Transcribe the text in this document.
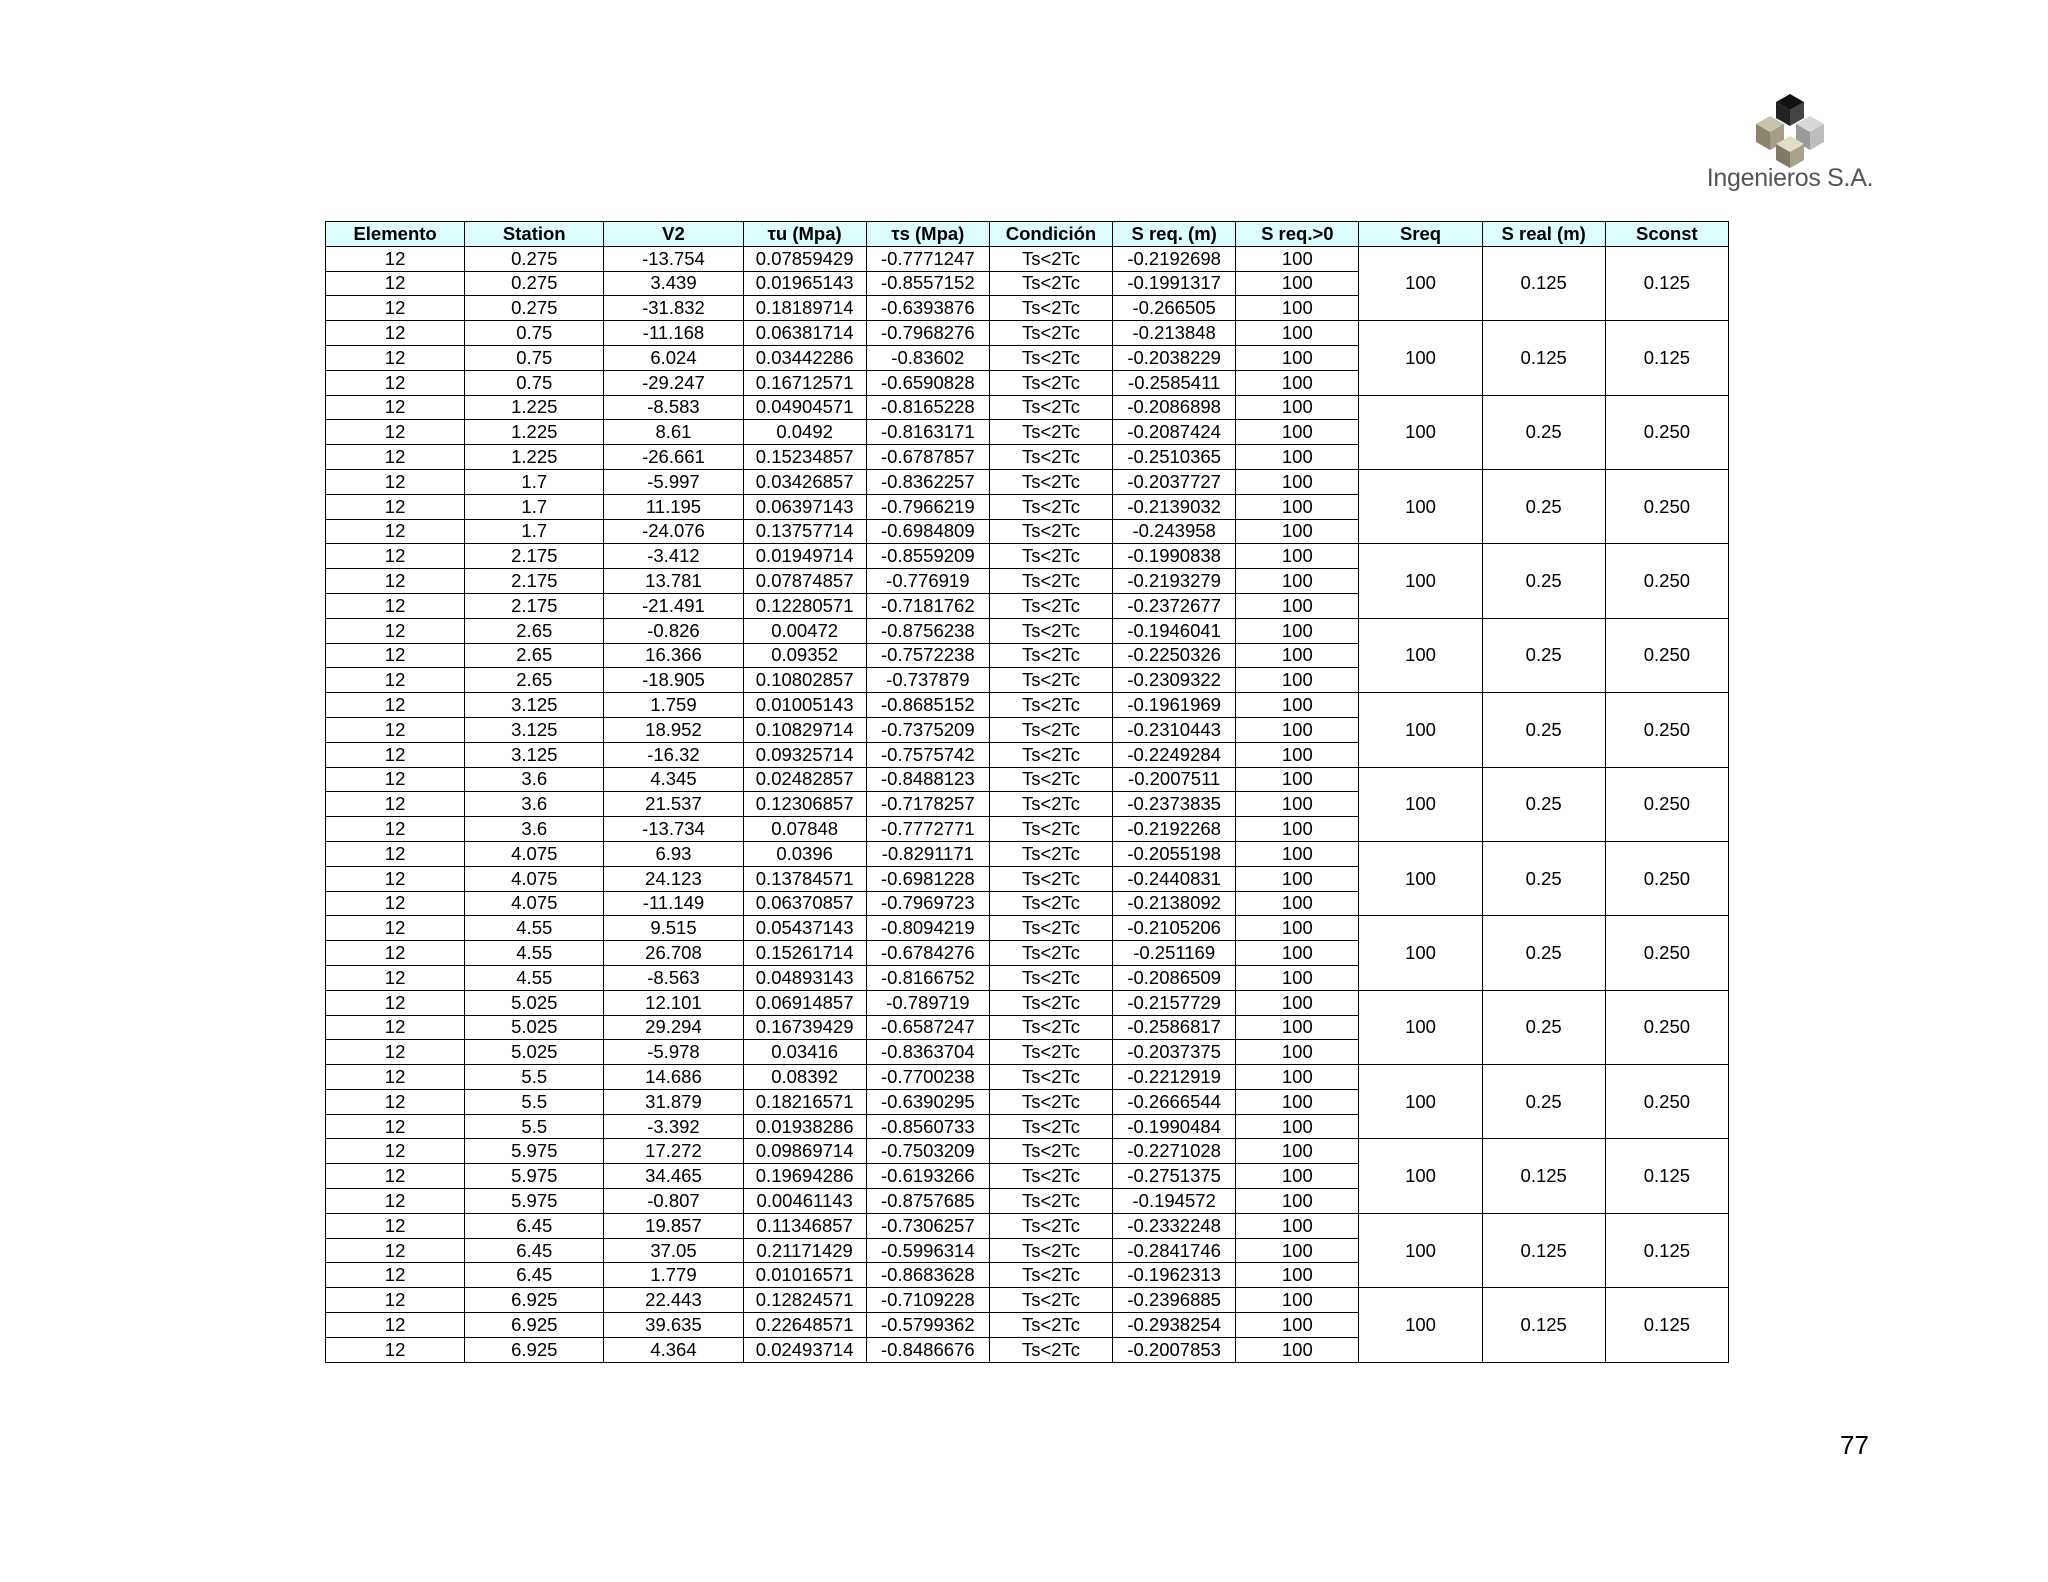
Ingenieros S.A.
Elemento	Station	V2	τu (Mpa)	τs (Mpa)	Condición	S req. (m)	S req.>0	Sreq	S real (m)	Sconst
12	0.275	-13.754	0.07859429	-0.7771247	Ts<2Tc	-0.2192698	100	100	0.125	0.125
12	0.275	3.439	0.01965143	-0.8557152	Ts<2Tc	-0.1991317	100			
12	0.275	-31.832	0.18189714	-0.6393876	Ts<2Tc	-0.266505	100			
12	0.75	-11.168	0.06381714	-0.7968276	Ts<2Tc	-0.213848	100	100	0.125	0.125
12	0.75	6.024	0.03442286	-0.83602	Ts<2Tc	-0.2038229	100			
12	0.75	-29.247	0.16712571	-0.6590828	Ts<2Tc	-0.2585411	100			
12	1.225	-8.583	0.04904571	-0.8165228	Ts<2Tc	-0.2086898	100	100	0.25	0.250
12	1.225	8.61	0.0492	-0.8163171	Ts<2Tc	-0.2087424	100			
12	1.225	-26.661	0.15234857	-0.6787857	Ts<2Tc	-0.2510365	100			
12	1.7	-5.997	0.03426857	-0.8362257	Ts<2Tc	-0.2037727	100	100	0.25	0.250
12	1.7	11.195	0.06397143	-0.7966219	Ts<2Tc	-0.2139032	100			
12	1.7	-24.076	0.13757714	-0.6984809	Ts<2Tc	-0.243958	100			
12	2.175	-3.412	0.01949714	-0.8559209	Ts<2Tc	-0.1990838	100	100	0.25	0.250
12	2.175	13.781	0.07874857	-0.776919	Ts<2Tc	-0.2193279	100			
12	2.175	-21.491	0.12280571	-0.7181762	Ts<2Tc	-0.2372677	100			
12	2.65	-0.826	0.00472	-0.8756238	Ts<2Tc	-0.1946041	100	100	0.25	0.250
12	2.65	16.366	0.09352	-0.7572238	Ts<2Tc	-0.2250326	100			
12	2.65	-18.905	0.10802857	-0.737879	Ts<2Tc	-0.2309322	100			
12	3.125	1.759	0.01005143	-0.8685152	Ts<2Tc	-0.1961969	100	100	0.25	0.250
12	3.125	18.952	0.10829714	-0.7375209	Ts<2Tc	-0.2310443	100			
12	3.125	-16.32	0.09325714	-0.7575742	Ts<2Tc	-0.2249284	100			
12	3.6	4.345	0.02482857	-0.8488123	Ts<2Tc	-0.2007511	100	100	0.25	0.250
12	3.6	21.537	0.12306857	-0.7178257	Ts<2Tc	-0.2373835	100			
12	3.6	-13.734	0.07848	-0.7772771	Ts<2Tc	-0.2192268	100			
12	4.075	6.93	0.0396	-0.8291171	Ts<2Tc	-0.2055198	100	100	0.25	0.250
12	4.075	24.123	0.13784571	-0.6981228	Ts<2Tc	-0.2440831	100			
12	4.075	-11.149	0.06370857	-0.7969723	Ts<2Tc	-0.2138092	100			
12	4.55	9.515	0.05437143	-0.8094219	Ts<2Tc	-0.2105206	100	100	0.25	0.250
12	4.55	26.708	0.15261714	-0.6784276	Ts<2Tc	-0.251169	100			
12	4.55	-8.563	0.04893143	-0.8166752	Ts<2Tc	-0.2086509	100			
12	5.025	12.101	0.06914857	-0.789719	Ts<2Tc	-0.2157729	100	100	0.25	0.250
12	5.025	29.294	0.16739429	-0.6587247	Ts<2Tc	-0.2586817	100			
12	5.025	-5.978	0.03416	-0.8363704	Ts<2Tc	-0.2037375	100			
12	5.5	14.686	0.08392	-0.7700238	Ts<2Tc	-0.2212919	100	100	0.25	0.250
12	5.5	31.879	0.18216571	-0.6390295	Ts<2Tc	-0.2666544	100			
12	5.5	-3.392	0.01938286	-0.8560733	Ts<2Tc	-0.1990484	100			
12	5.975	17.272	0.09869714	-0.7503209	Ts<2Tc	-0.2271028	100	100	0.125	0.125
12	5.975	34.465	0.19694286	-0.6193266	Ts<2Tc	-0.2751375	100			
12	5.975	-0.807	0.00461143	-0.8757685	Ts<2Tc	-0.194572	100			
12	6.45	19.857	0.11346857	-0.7306257	Ts<2Tc	-0.2332248	100	100	0.125	0.125
12	6.45	37.05	0.21171429	-0.5996314	Ts<2Tc	-0.2841746	100			
12	6.45	1.779	0.01016571	-0.8683628	Ts<2Tc	-0.1962313	100			
12	6.925	22.443	0.12824571	-0.7109228	Ts<2Tc	-0.2396885	100	100	0.125	0.125
12	6.925	39.635	0.22648571	-0.5799362	Ts<2Tc	-0.2938254	100			
12	6.925	4.364	0.02493714	-0.8486676	Ts<2Tc	-0.2007853	100			
77
